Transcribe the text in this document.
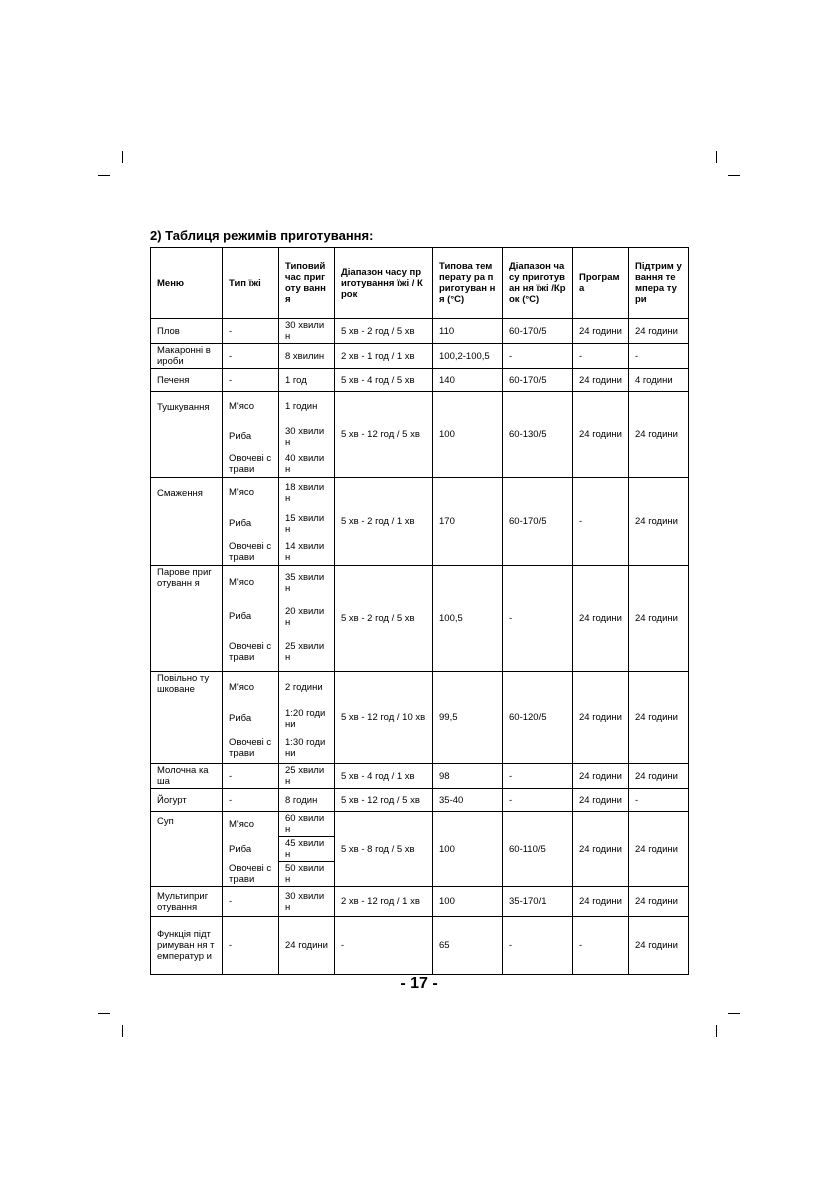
2) Таблиця режимів приготування:
Меню	Тип їжі	Типовий час приготу вання	Діапазон часу приготування їжі / Крок	Типова температу ра приготуван ня (°C)	Діапазон часу приготуван ня їжі /Крок (°C)	Програм а	Підтрим ування темпера тури
Плов	-	30 хвилин	5 хв - 2 год / 5 хв	110	60-170/5	24 години	24 години
Макаронні вироби	-	8 хвилин	2 хв - 1 год / 1 хв	100,2-100,5	-	-	-
Печеня	-	1 год	5 хв - 4 год / 5 хв	140	60-170/5	24 години	4 години
Тушкування	М'ясо	1 годин	5 хв - 12 год / 5 хв	100	60-130/5	24 години	24 години
	Риба	30 хвилин					
	Овочеві страви	40 хвилин					
Смаження	М'ясо	18 хвилин	5 хв - 2 год / 1 хв	170	60-170/5	-	24 години
	Риба	15 хвилин					
	Овочеві страви	14 хвилин					
Парове приготуванн я	М'ясо	35 хвилин	5 хв - 2 год / 5 хв	100,5	-	24 години	24 години
	Риба	20 хвилин					
	Овочеві страви	25 хвилин					
Повільно тушковане	М'ясо	2 години	5 хв - 12 год / 10 хв	99,5	60-120/5	24 години	24 години
	Риба	1:20 години					
	Овочеві страви	1:30 години					
Молочна каша	-	25 хвилин	5 хв - 4 год / 1 хв	98	-	24 години	24 години
Йогурт	-	8 годин	5 хв - 12 год / 5 хв	35-40	-	24 години	-
Суп	М'ясо	60 хвилин	5 хв - 8 год / 5 хв	100	60-110/5	24 години	24 години
	Риба	45 хвилин					
	Овочеві страви	50 хвилин					
Мультиприг отування	-	30 хвилин	2 хв - 12 год / 1 хв	100	35-170/1	24 години	24 години
Функція підтримуван ня температур и	-	24 години	-	65	-	-	24 години
- 17 -
